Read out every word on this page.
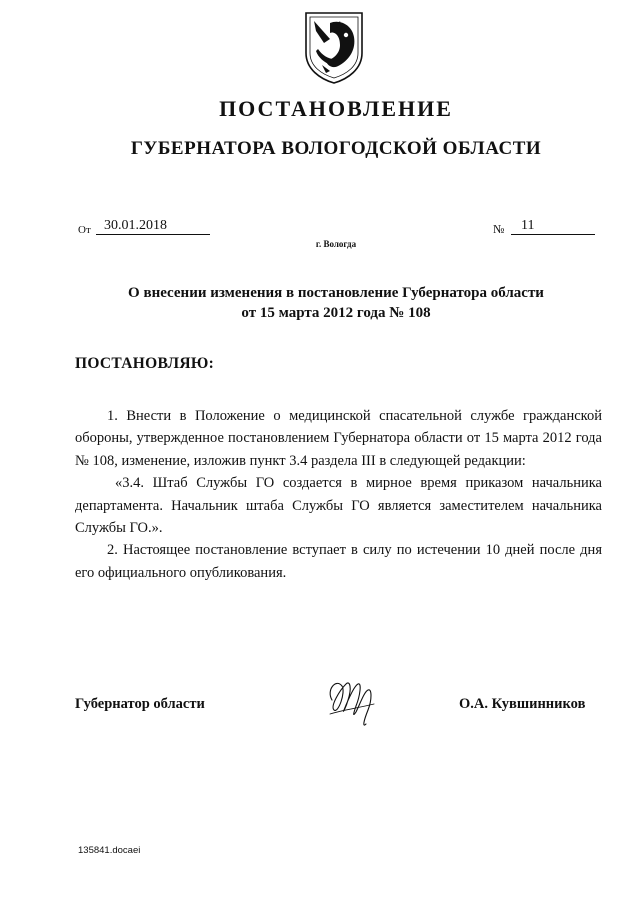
ПОСТАНОВЛЕНИЕ
ГУБЕРНАТОРА ВОЛОГОДСКОЙ ОБЛАСТИ
От 30.01.2018	№ 11
г. Вологда
О внесении изменения в постановление Губернатора области
от 15 марта 2012 года № 108
ПОСТАНОВЛЯЮ:

1. Внести в Положение о медицинской спасательной службе гражданской обороны, утвержденное постановлением Губернатора области от 15 марта 2012 года № 108, изменение, изложив пункт 3.4 раздела III в следующей редакции:

«3.4. Штаб Службы ГО создается в мирное время приказом начальника департамента. Начальник штаба Службы ГО является заместителем начальника Службы ГО.».

2. Настоящее постановление вступает в силу по истечении 10 дней после дня его официального опубликования.

Губернатор области	О.А. Кувшинников
135841.docaei
